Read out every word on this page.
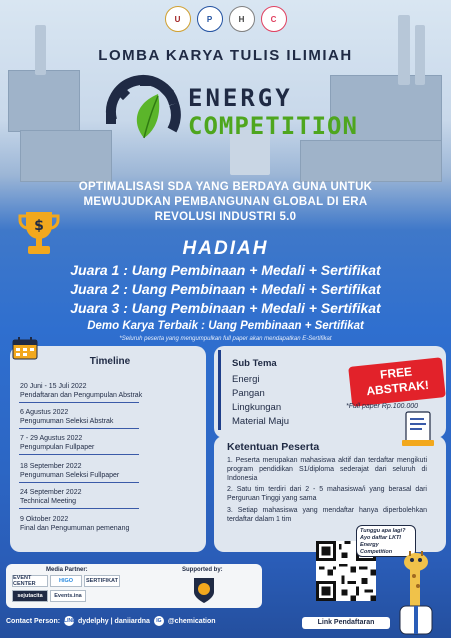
U	P	H	C
LOMBA KARYA TULIS ILIMIAH
ENERGY
COMPETITION
OPTIMALISASI SDA YANG BERDAYA GUNA UNTUK
MEWUJUDKAN PEMBANGUNAN GLOBAL DI ERA
REVOLUSI INDUSTRI 5.0
$
HADIAH
Juara 1 : Uang Pembinaan + Medali + Sertifikat
Juara 2 : Uang Pembinaan + Medali + Sertifikat
Juara 3 : Uang Pembinaan + Medali + Sertifikat
Demo Karya Terbaik : Uang Pembinaan + Sertifikat
*Seluruh peserta yang mengumpulkan full paper akan mendapatkan E-Sertifikat
Timeline
20 Juni - 15 Juli 2022
Pendaftaran dan Pengumpulan Abstrak
6 Agustus 2022
Pengumuman Seleksi Abstrak
7 - 29 Agustus 2022
Pengumpulan Fullpaper
18 September 2022
Pengumuman Seleksi Fullpaper
24 September 2022
Technical Meeting
9 Oktober 2022
Final dan Pengumuman pemenang
Sub Tema
Energi
Pangan
Lingkungan
Material Maju
FREE
ABSTRAK!
*Full paper Rp.100.000
Ketentuan Peserta
1. Peserta merupakan mahasiswa aktif dan terdaftar mengikuti program pendidikan S1/diploma sederajat dari seluruh di Indonesia
2. Satu tim terdiri dari 2 - 5 mahasiswa/i yang berasal dari Perguruan Tinggi yang sama
3. Setiap mahasiswa yang mendaftar hanya diperbolehkan terdaftar dalam 1 tim
Media Partner:	Supported by:
EVENT CENTER	HIGO	SERTIFIKAT
sejutacita	Events.ina
Link Pendaftaran
Tunggu apa lagi? Ayo daftar LKTI Energy Competition
Contact Person: LINE dydelphy | daniiardna IG @chemication
